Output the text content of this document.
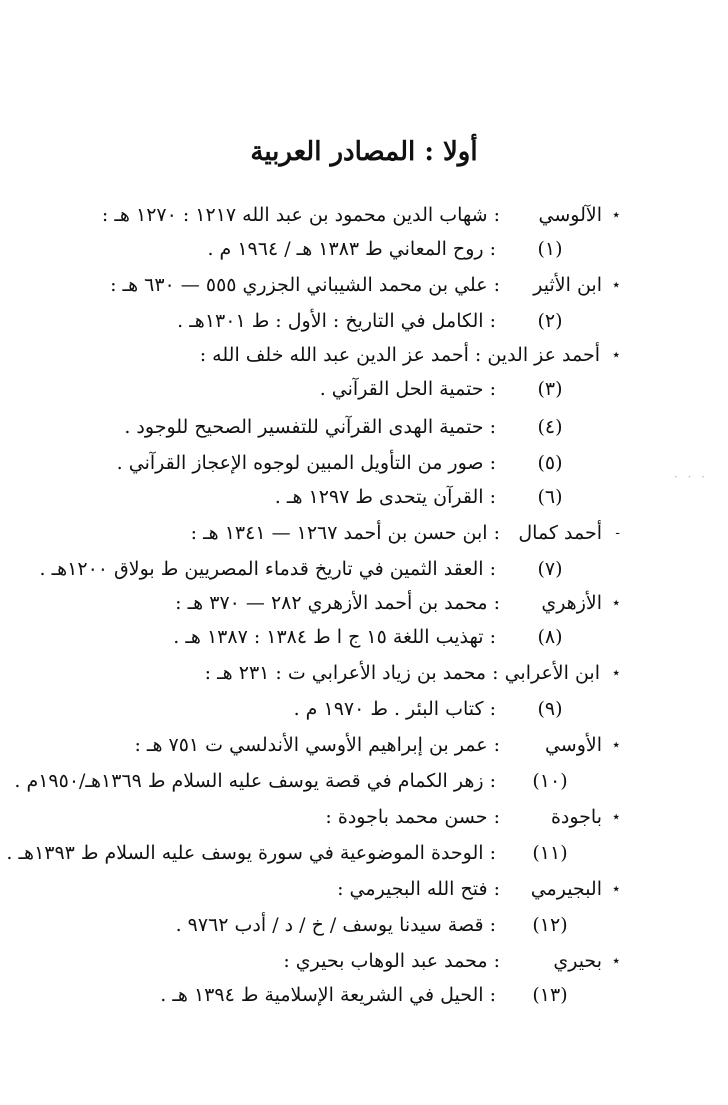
أولا : المصادر العربية
٭
الآلوسي
: شهاب الدين محمود بن عبد الله ١٢١٧ : ١٢٧٠ هـ :
(١)
: روح المعاني ط ١٣٨٣ هـ / ١٩٦٤ م .
٭
ابن الأثير
: علي بن محمد الشيباني الجزري ٥٥٥ — ٦٣٠ هـ :
(٢)
: الكامل في التاريخ : الأول : ط ١٣٠١هـ .
٭
أحمد عز الدين : أحمد عز الدين عبد الله خلف الله :
(٣)
: حتمية الحل القرآني .
(٤)
: حتمية الهدى القرآني للتفسير الصحيح للوجود .
(٥)
: صور من التأويل المبين لوجوه الإعجاز القرآني .
(٦)
: القرآن يتحدى ط ١٢٩٧ هـ .
-
أحمد كمال
: ابن حسن بن أحمد ١٢٦٧ — ١٣٤١ هـ :
(٧)
: العقد الثمين في تاريخ قدماء المصريين ط بولاق ١٢٠٠هـ .
٭
الأزهري
: محمد بن أحمد الأزهري ٢٨٢ — ٣٧٠ هـ :
(٨)
: تهذيب اللغة ١٥ ج ا ط ١٣٨٤ : ١٣٨٧ هـ .
٭
ابن الأعرابي : محمد بن زياد الأعرابي ت : ٢٣١ هـ :
(٩)
: كتاب البئر . ط ١٩٧٠ م .
٭
الأوسي
: عمر بن إبراهيم الأوسي الأندلسي ت ٧٥١ هـ :
(١٠)
: زهر الكمام في قصة يوسف عليه السلام ط ١٣٦٩هـ/١٩٥٠م .
٭
باجودة
: حسن محمد باجودة :
(١١)
: الوحدة الموضوعية في سورة يوسف عليه السلام ط ١٣٩٣هـ .
٭
البجيرمي
: فتح الله البجيرمي :
(١٢)
: قصة سيدنا يوسف / خ / د / أدب ٩٧٦٢ .
٭
بحيري
: محمد عبد الوهاب بحيري :
(١٣)
: الحيل في الشريعة الإسلامية ط ١٣٩٤ هـ .
· · ·
